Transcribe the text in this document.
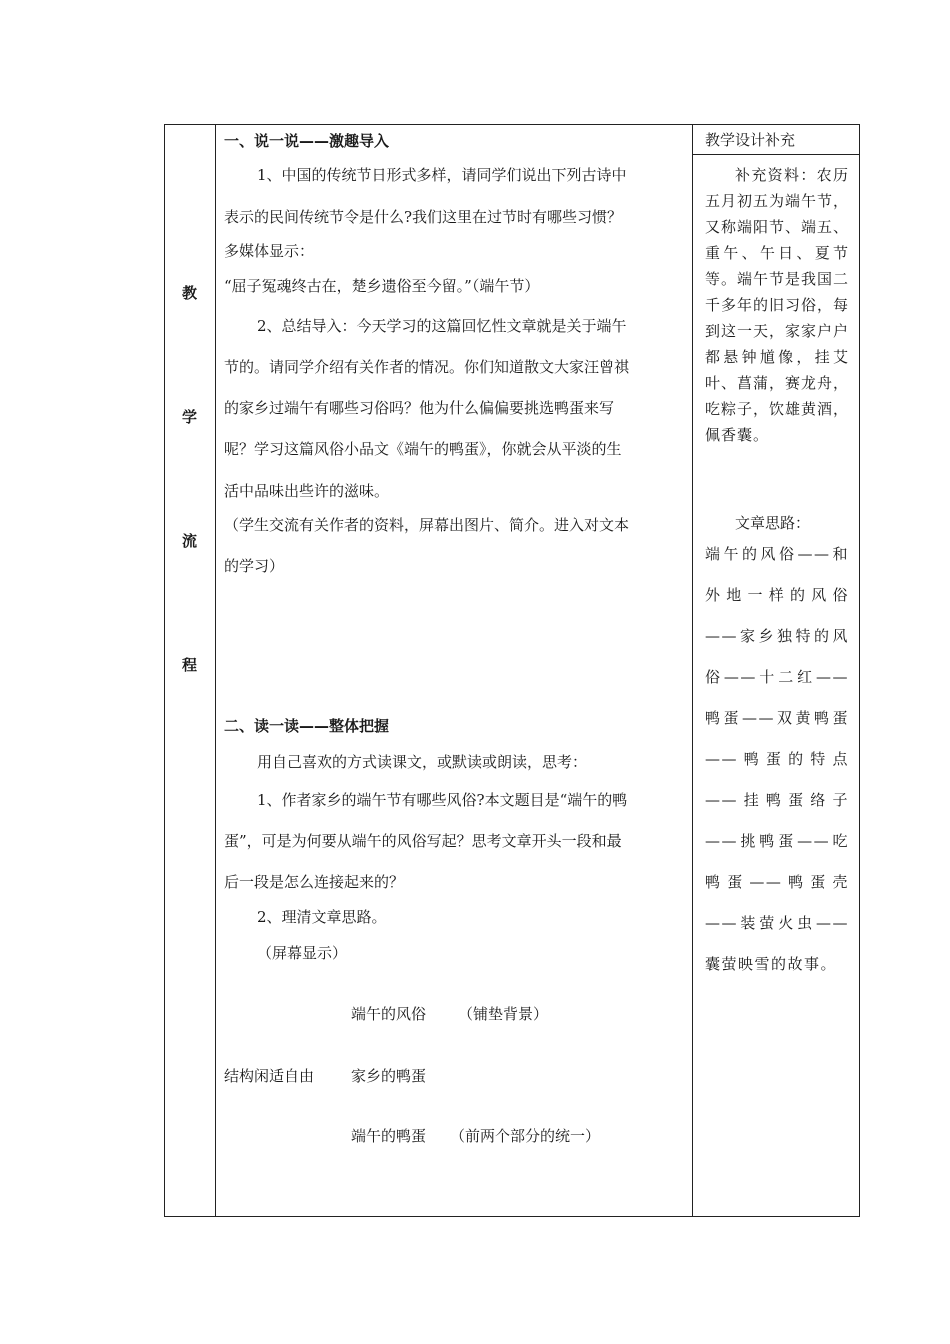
教
学
流
程

一、说一说——激趣导入

1、中国的传统节日形式多样，请同学们说出下列古诗中

表示的民间传统节令是什么?我们这里在过节时有哪些习惯？

多媒体显示：

“屈子冤魂终古在，楚乡遗俗至今留。”（端午节）

2、总结导入：今天学习的这篇回忆性文章就是关于端午

节的。请同学介绍有关作者的情况。你们知道散文大家汪曾祺

的家乡过端午有哪些习俗吗？他为什么偏偏要挑选鸭蛋来写

呢？学习这篇风俗小品文《端午的鸭蛋》，你就会从平淡的生

活中品味出些许的滋味。

（学生交流有关作者的资料，屏幕出图片、简介。进入对文本

的学习）

二、读一读——整体把握

用自己喜欢的方式读课文，或默读或朗读，思考：

1、作者家乡的端午节有哪些风俗?本文题目是“端午的鸭

蛋”，可是为何要从端午的风俗写起？思考文章开头一段和最

后一段是怎么连接起来的？

2、理清文章思路。

（屏幕显示）

端午的风俗 （铺垫背景）

结构闲适自由 家乡的鸭蛋

端午的鸭蛋 （前两个部分的统一）

教学设计补充

补充资料：农历五月初五为端午节，又称端阳节、端五、重午、午日、夏节等。端午节是我国二千多年的旧习俗，每到这一天，家家户户都悬钟馗像，挂艾叶、菖蒲，赛龙舟，吃粽子，饮雄黄酒，佩香囊。

文章思路：

端午的风俗——和外地一样的风俗——家乡独特的风俗——十二红——鸭蛋——双黄鸭蛋——鸭蛋的特点——挂鸭蛋络子——挑鸭蛋——吃鸭蛋——鸭蛋壳——装萤火虫——囊萤映雪的故事。
